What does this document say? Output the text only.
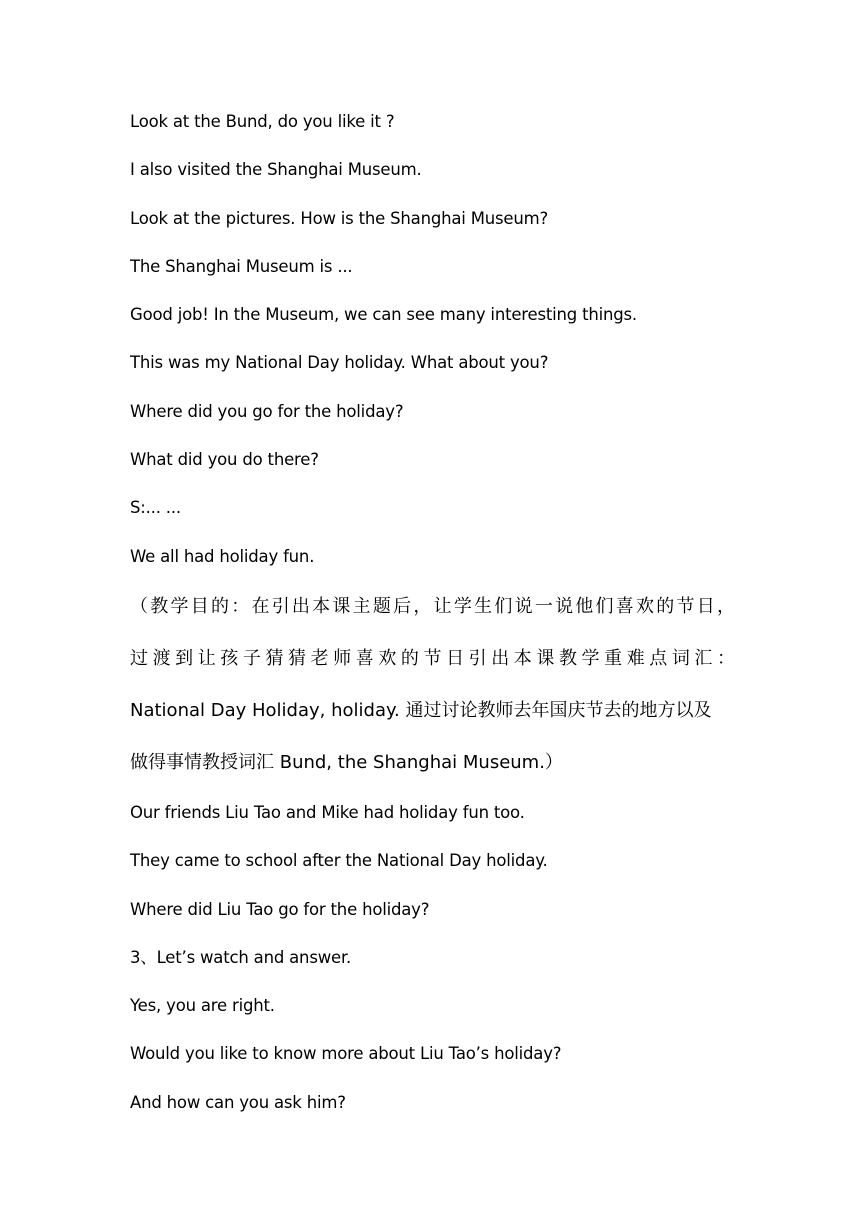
Look at the Bund, do you like it ?
I also visited the Shanghai Museum.
Look at the pictures. How is the Shanghai Museum?
The Shanghai Museum is ...
Good job! In the Museum, we can see many interesting things.
This was my National Day holiday. What about you?
Where did you go for the holiday?
What did you do there?
S:... ...
We all had holiday fun.
（教学目的：在引出本课主题后，让学生们说一说他们喜欢的节日，
过渡到让孩子猜猜老师喜欢的节日引出本课教学重难点词汇：
National Day Holiday, holiday. 通过讨论教师去年国庆节去的地方以及
做得事情教授词汇 Bund, the Shanghai Museum.）
Our friends Liu Tao and Mike had holiday fun too.
They came to school after the National Day holiday.
Where did Liu Tao go for the holiday?
3、Let’s watch and answer.
Yes, you are right.
Would you like to know more about Liu Tao’s holiday?
And how can you ask him?
